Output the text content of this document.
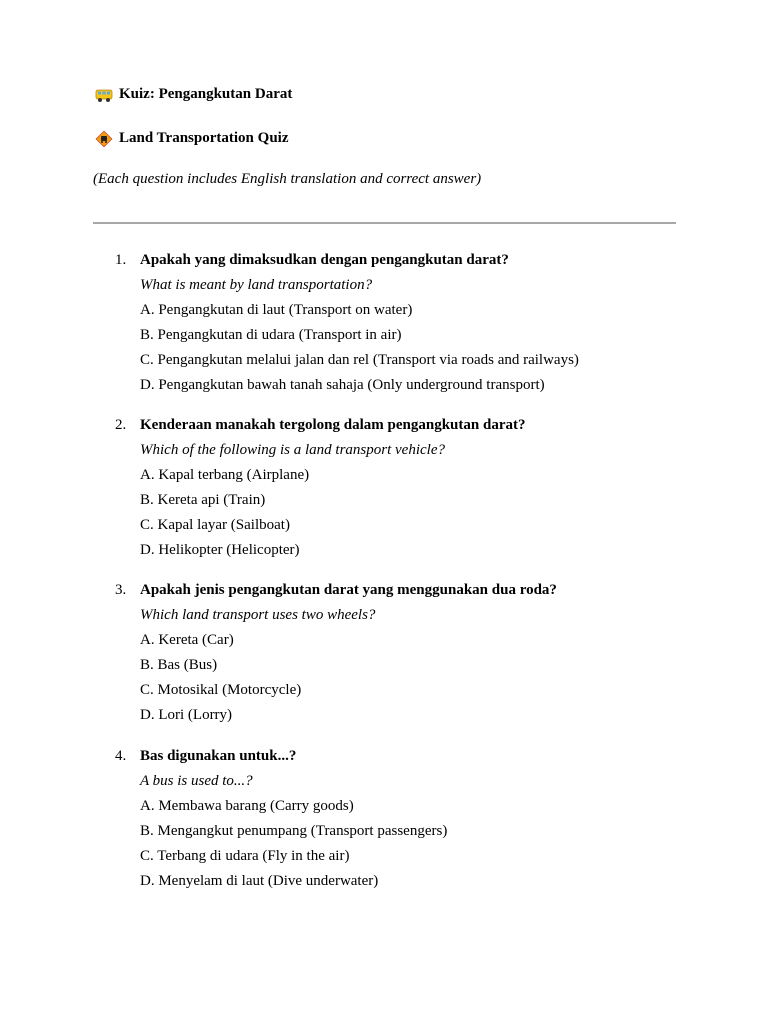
Kuiz: Pengangkutan Darat
Land Transportation Quiz
(Each question includes English translation and correct answer)
1. Apakah yang dimaksudkan dengan pengangkutan darat?
What is meant by land transportation?
A. Pengangkutan di laut (Transport on water)
B. Pengangkutan di udara (Transport in air)
C. Pengangkutan melalui jalan dan rel (Transport via roads and railways)
D. Pengangkutan bawah tanah sahaja (Only underground transport)
2. Kenderaan manakah tergolong dalam pengangkutan darat?
Which of the following is a land transport vehicle?
A. Kapal terbang (Airplane)
B. Kereta api (Train)
C. Kapal layar (Sailboat)
D. Helikopter (Helicopter)
3. Apakah jenis pengangkutan darat yang menggunakan dua roda?
Which land transport uses two wheels?
A. Kereta (Car)
B. Bas (Bus)
C. Motosikal (Motorcycle)
D. Lori (Lorry)
4. Bas digunakan untuk...?
A bus is used to...?
A. Membawa barang (Carry goods)
B. Mengangkut penumpang (Transport passengers)
C. Terbang di udara (Fly in the air)
D. Menyelam di laut (Dive underwater)
